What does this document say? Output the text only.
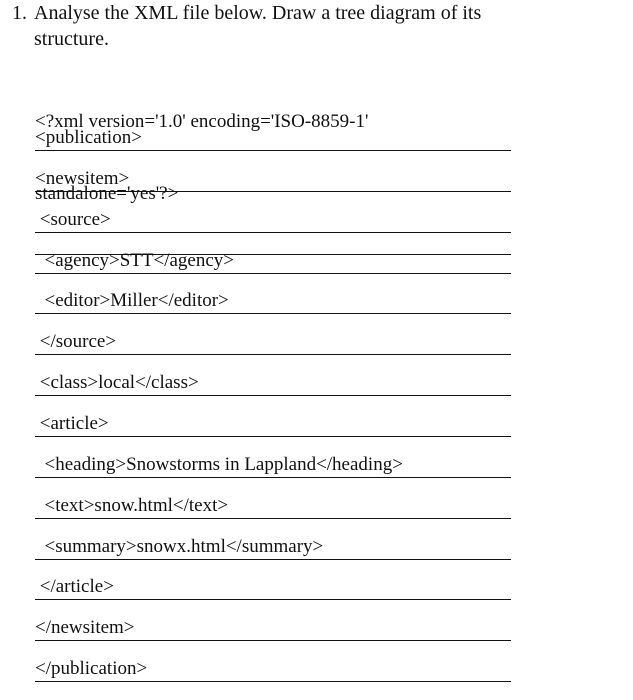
1. Analyse the XML file below. Draw a tree diagram of its
structure.

<?xml version='1.0' encoding='ISO-8859-1'

standalone='yes'?>

<publication>
<newsitem>
<source>
<agency>STT</agency>
<editor>Miller</editor>
</source>
<class>local</class>
<article>
<heading>Snowstorms in Lappland</heading>
<text>snow.html</text>
<summary>snowx.html</summary>
</article>
</newsitem>
</publication>
